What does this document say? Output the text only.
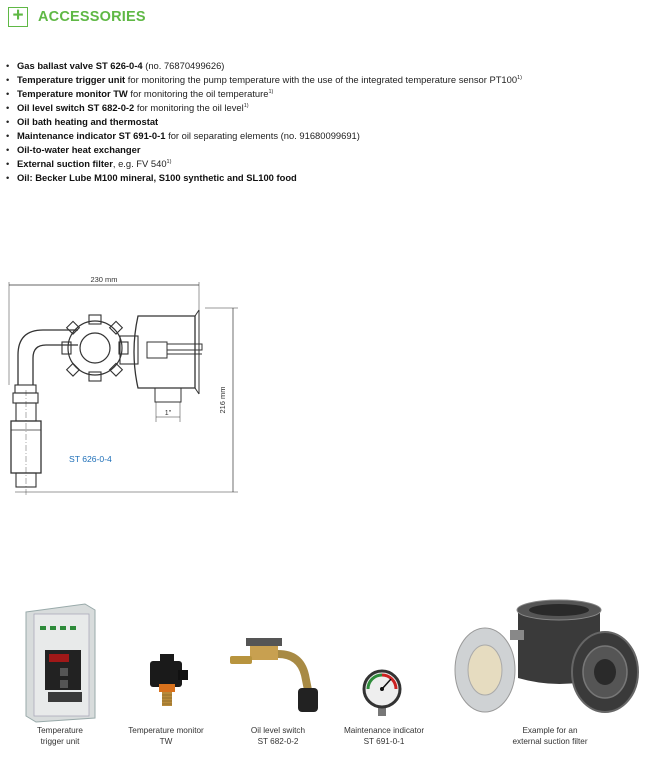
+ ACCESSORIES
• Gas ballast valve ST 626-0-4 (no. 76870499626)
• Temperature trigger unit for monitoring the pump temperature with the use of the integrated temperature sensor PT100$^{1)}$
• Temperature monitor TW for monitoring the oil temperature$^{1)}$
• Oil level switch ST 682-0-2 for monitoring the oil level$^{1)}$
• Oil bath heating and thermostat
• Maintenance indicator ST 691-0-1 for oil separating elements (no. 91680099691)
• Oil-to-water heat exchanger
• External suction filter, e.g. FV 540$^{1)}$
• Oil: Becker Lube M100 mineral, S100 synthetic and SL100 food
230 mm
216 mm
1"
ST 626-0-4
Temperature
trigger unit
Temperature monitor
TW
Oil level switch
ST 682-0-2
Maintenance indicator
ST 691-0-1
Example for an
external suction filter
